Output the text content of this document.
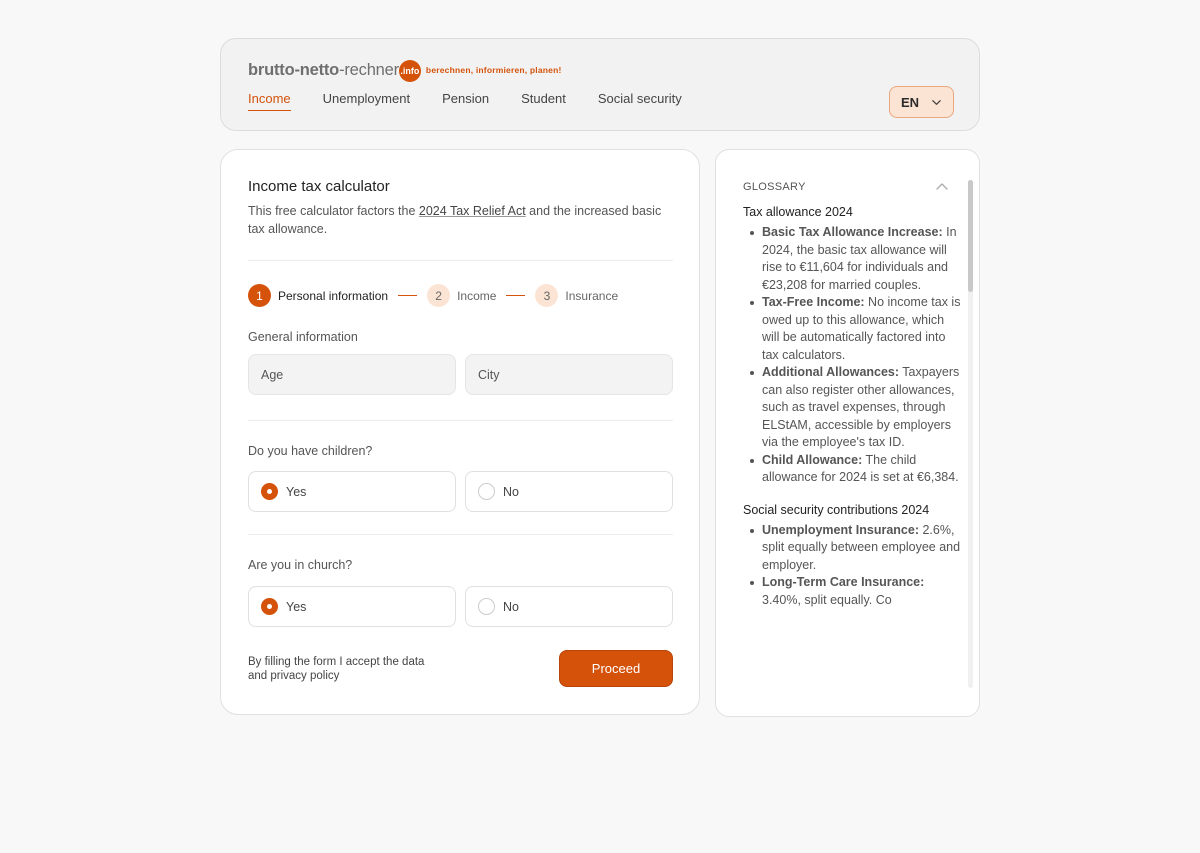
brutto-netto -rechner .info berechnen, informieren, planen!
Income Unemployment Pension Student Social security	EN
Income tax calculator
This free calculator factors the 2024 Tax Relief Act and the increased basic tax allowance.
1	Personal information	2	Income	3	Insurance
General information
Age
City
Do you have children?
Yes	No
Are you in church?
Yes	No
By filling the form I accept the data and privacy policy	Proceed
GLOSSARY
Tax allowance 2024
Basic Tax Allowance Increase: In 2024, the basic tax allowance will rise to €11,604 for individuals and €23,208 for married couples.
Tax-Free Income: No income tax is owed up to this allowance, which will be automatically factored into tax calculators.
Additional Allowances: Taxpayers can also register other allowances, such as travel expenses, through ELStAM, accessible by employers via the employee's tax ID.
Child Allowance: The child allowance for 2024 is set at €6,384.
Social security contributions 2024
Unemployment Insurance: 2.6%, split equally between employee and employer.
Long-Term Care Insurance: 3.40%, split equally. Co
